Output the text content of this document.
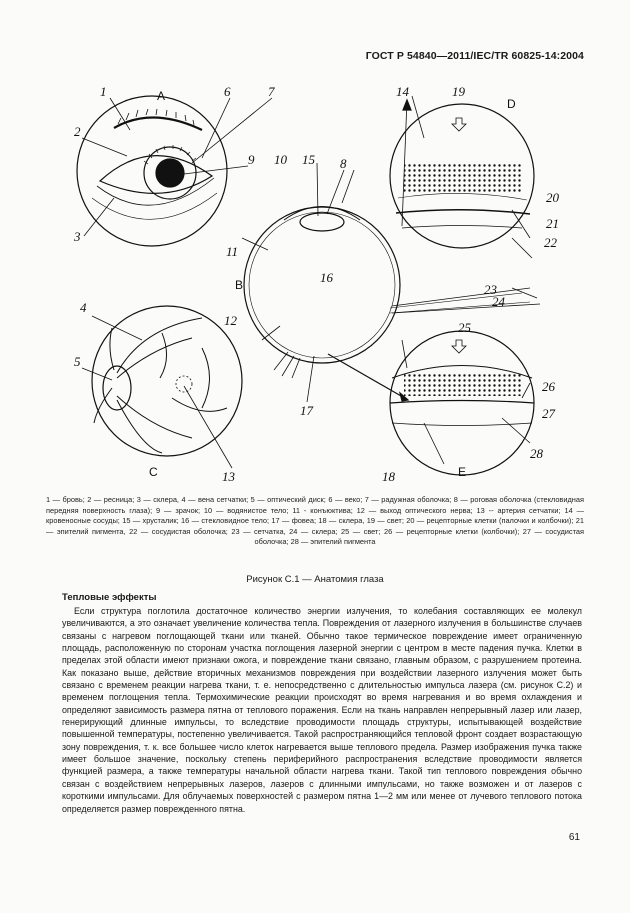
ГОСТ Р 54840—2011/IEC/TR 60825-14:2004
A
B
C
D
E
1
2
3
4
5
6	7
8
9 10
11
12
13
14
15
16
17
18
19
20
21
22
23
24
25
26
27
28
1 — бровь; 2 — ресница; 3 — склера, 4 — вена сетчатки; 5 — оптический диск; 6 — веко; 7 — радужная оболочка; 8 — роговая оболочка (стекловидная передняя поверхность глаза); 9 — зрачок; 10 — водянистое тело; 11 - конъюктива; 12 — выход оптического нерва; 13 -- артерия сетчатки; 14 — кровеносные сосуды; 15 — хрусталик; 16 — стекловидное тело; 17 — фовеа; 18 — склера, 19 — свет; 20 — рецепторные клетки (палочки и колбочки); 21 — эпителий пигмента, 22 — сосудистая оболочка; 23 — сетчатка, 24 — склера; 25 — свет; 26 — рецепторные клетки (колбочки); 27 — сосудистая оболочка; 28 — эпителий пигмента
Рисунок С.1 — Анатомия глаза
Тепловые эффекты
Если структура поглотила достаточное количество энергии излучения, то колебания составляющих ее молекул увеличиваются, а это означает увеличение количества тепла. Повреждения от лазерного излучения в большинстве случаев связаны с нагревом поглощающей ткани или тканей. Обычно такое термическое повреждение имеет ограниченную площадь, расположенную по сторонам участка поглощения лазерной энергии с центром в месте падения пучка. Клетки в пределах этой области имеют признаки ожога, и повреждение ткани связано, главным образом, с разрушением протеина. Как показано выше, действие вторичных механизмов повреждения при воздействии лазерного излучения может быть связано с временем реакции нагрева ткани, т. е. непосредственно с длительностью импульса лазера (см. рисунок С.2) и временем поглощения тепла. Термохимические реакции происходят во время нагревания и во время охлаждения и определяют зависимость размера пятна от теплового поражения. Если на ткань направлен непрерывный лазер или лазер, генерирующий длинные импульсы, то вследствие проводимости площадь структуры, испытывающей воздействие повышенной температуры, постепенно увеличивается. Такой распространяющийся тепловой фронт создает возрастающую зону повреждения, т. к. все большее число клеток нагревается выше теплового предела. Размер изображения пучка также имеет большое значение, поскольку степень периферийного распространения вследствие проводимости является функцией размера, а также температуры начальной области нагрева ткани. Такой тип теплового повреждения обычно связан с воздействием непрерывных лазеров, лазеров с длинными импульсами, но также возможен и от лазеров с короткими импульсами. Для облучаемых поверхностей с размером пятна 1—2 мм или менее от лучевого теплового потока определяется размер поврежденного пятна.
61
